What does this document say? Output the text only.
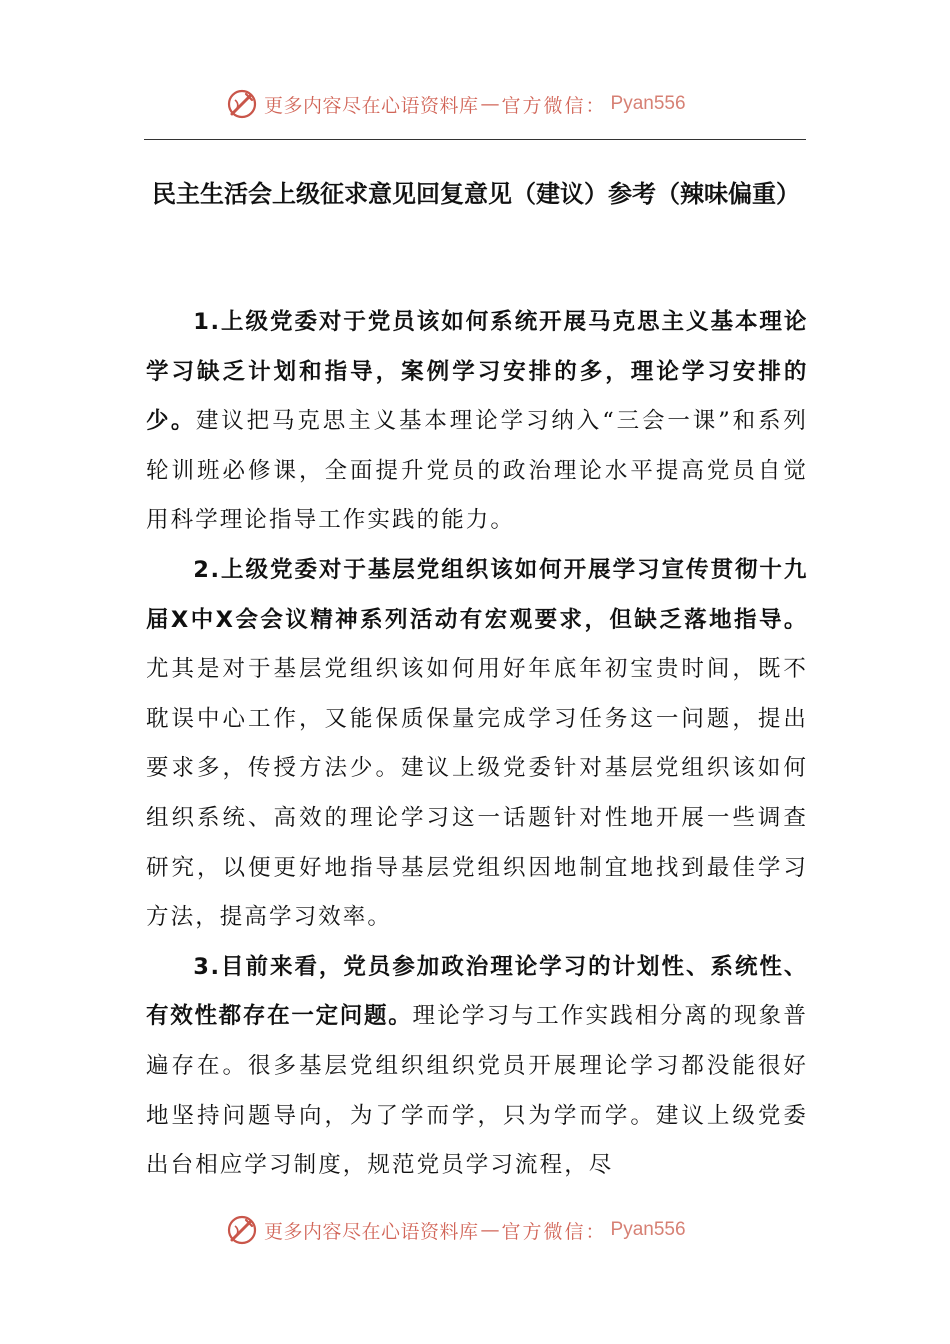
更多内容尽在心语资料库 — 官方微信： Pyan556
民主生活会上级征求意见回复意见（建议）参考（辣味偏重）

1.上级党委对于党员该如何系统开展马克思主义基本理论学习缺乏计划和指导，案例学习安排的多，理论学习安排的少。建议把马克思主义基本理论学习纳入“三会一课”和系列轮训班必修课，全面提升党员的政治理论水平提高党员自觉用科学理论指导工作实践的能力。

2.上级党委对于基层党组织该如何开展学习宣传贯彻十九届X中X会会议精神系列活动有宏观要求，但缺乏落地指导。尤其是对于基层党组织该如何用好年底年初宝贵时间，既不耽误中心工作，又能保质保量完成学习任务这一问题，提出要求多，传授方法少。建议上级党委针对基层党组织该如何组织系统、高效的理论学习这一话题针对性地开展一些调查研究，以便更好地指导基层党组织因地制宜地找到最佳学习方法，提高学习效率。

3.目前来看，党员参加政治理论学习的计划性、系统性、有效性都存在一定问题。理论学习与工作实践相分离的现象普遍存在。很多基层党组织组织党员开展理论学习都没能很好地坚持问题导向，为了学而学，只为学而学。建议上级党委出台相应学习制度，规范党员学习流程，尽

更多内容尽在心语资料库 — 官方微信： Pyan556
